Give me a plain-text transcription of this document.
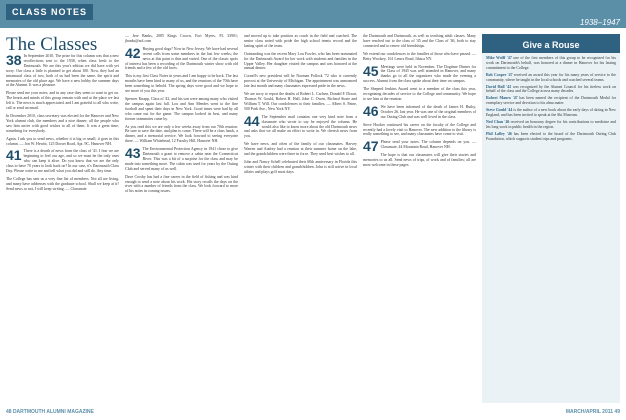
CLASS NOTES
1938–1947
The Classes
38 In September 2010, The prize for this column was that a new recollections sent to the 1938, when class fresh to the Dartmouth. We are this year's edition we did have with yet sorry. Our class a little is planned to get about 100. Now, they had an intramural class of two, both of us had been the same, the spirit and memories of the old place ago. We have a new hobby the summer days at the Alumni. It was a pleasure.
Please send me your notes, and in any case they seem to want to get on. The hearts and minds of this group remain with and at the place we last left it. The news is much appreciated, and I am grateful to all who write, call or send an email.
In December 2010, class secretary was elected for the Hanover and New York alumni club, the members and a nice dinner; all the people who saw him arrive with good wishes to all of them. It was a great time, something for everybody.
Again, I ask you to send news, whether it is big or small; it goes in this column. — Jon W. Hewitt, 125 Dorset Road, Apt. 9C, Hanover NH.
41 There is a dearth of news from the class of '41. I fear we are beginning to feel our age, and so we must be the only ones who can keep it alive. Do you know that we are the only class to have 70 years to look back on? In our case, it's Dartmouth Class Day. Please write to me and tell what you did and still do. Any time.
The College has sent us a very fine list of members. Not all are living, and many have addresses with the graduate school. Shall we keep at it? Send news or not, I will keep writing. — Classmate
— Jere Banks, 2085 Kings Crown, Fort Myers, FL 33901; jbanks@aol.com
42 Buying good dogs? Now in New Jersey. We have had several recent calls from some members in the last few weeks; the news at this point is thin and varied. One of the classic spots of interest has been a recording of the Dartmouth winter show with old friends and a few of the old faces.
This is my first Class Notes in years and I am happy to be back. The last months have been kind to many of us, and the reunions of the 70th have been something to behold. The spring days were good and we hope to see more of you this year.
Spencer Knapp, Class of '42, and his son were among many who visited the campus again last fall. Lou and Ann Mendes went to the fine football and spent their days in New York. Good times were had by all who came out for the game. The campus looked its best, and many former teammates came by.
As you read this we are only a few weeks away from our 70th reunion. Be sure to save the date, and plan to come. There will be a class lunch, a dinner, and a memorial service. We look forward to seeing everyone there. — William Whitehead, 12 Faculty Hill, Hanover NH.
43 The Environmental Protection Agency in 1941 chose to give Dartmouth a grant to remove a cabin near the Connecticut River. This was a bit of a surprise for the class and may be made into something more. The cabin was used for years by the Outing Club and served many of us well.
Dave Crosby has had a fine career in the field of fishing and was kind enough to send a note about his work. His story recalls the days on the river with a number of friends from the class. We look forward to more of his notes in coming issues.
and moved up to take position as coach in the field and coached. The senior class noted with pride the high school tennis record and the lasting spirit of the team.
Outstanding was the recent Mary Lou Fowler, who has been nominated for the Dartmouth Award for her work with students and families in the Upper Valley. Her daughter visited the campus and was honored at the annual dinner.
Cornell's new president will be Norman Pollock '72 who is currently provost at the University of Michigan. The appointment was announced late last month and many classmates expressed pride in the news.
We are sorry to report the deaths of Robert L. Carlsen, Donald F. Dixon, Thomas W. Gould, Robert H. Hall, John C. Owen, Richard Stone and William T. Will. Our condolences to their families. — Albert S. Paine, 500 Park Ave., New York NY.
44 The September mail contains one very kind note from a classmate who wrote to say he enjoyed the column. He would also like to know more about the old Dartmouth news and asks that we all make an effort to write in. We cherish news from you.
We have news, and often of the family of our classmates. Harvey Warren and Audrey had a reunion at their summer home on the lake, and the grandchildren were there in force. They send best wishes to all.
John and Nancy Schell celebrated their 60th anniversary in Florida this winter with their children and grandchildren. John is still active in local affairs and plays golf most days.
the Dartmouth and Dartmouth, as well as teaching adult classes. Many have reached out to the class of '45 and the Class of '46, both to stay connected and to renew old friendships.
We extend our condolences to the families of those who have passed. — Betty Woolsey, 161 Lenox Road, Ithaca NY.
45 Meetings were held in November. The Dogtime Dinner for the Class of 1945 was well attended in Hanover, and many thanks go to all the organizers who made the evening a success. Alumni from the class spoke about their time on campus.
The Sheperd Jenkins Award went to a member of the class this year, recognizing decades of service to the College and community. We hope to see him at the reunion.
46 We have been informed of the death of James H. Ruthy, October 26, last year. He was one of the original members of our Outing Club and was well loved in the class.
Steve Hooker continued his career on the faculty of the College and recently had a lovely visit to Hanover. The new addition to the library is really something to see, and many classmates have come to visit.
47 Please send your notes. The column depends on you. — Classmate, 44 Mountain Road, Hanover NH.
The hope is that our classmates will give their stories and memories to us all. Send news of trips, of work and of families; all are most welcome in these pages.
Give a Rouse

Mike Wolff '47 one of the first members of this group to be recognized for his work on Dartmouth's behalf, was honored at a dinner in Hanover for his lasting commitment to the College.

Bob Cooper '47 received an award this year for his many years of service to the community, where he taught in the local schools and coached several teams.

David Hall '42 was recognized by the Alumni Council for his tireless work on behalf of the class and the College across many decades.

Robert Mauro '47 has been named the recipient of the Dartmouth Medal for exemplary service and devotion to his alma mater.

Steve Gould '44 is the author of a new book about the early days of skiing in New England, and has been invited to speak at the Ski Museum.

Ned Chan '46 received an honorary degree for his contributions to medicine and his long work in public health in the region.

Phil Lalley '46 has been elected to the board of the Dartmouth Outing Club Foundation, which supports student trips and programs.

48 DARTMOUTH ALUMNI MAGAZINE	MARCH/APRIL 2011 49
